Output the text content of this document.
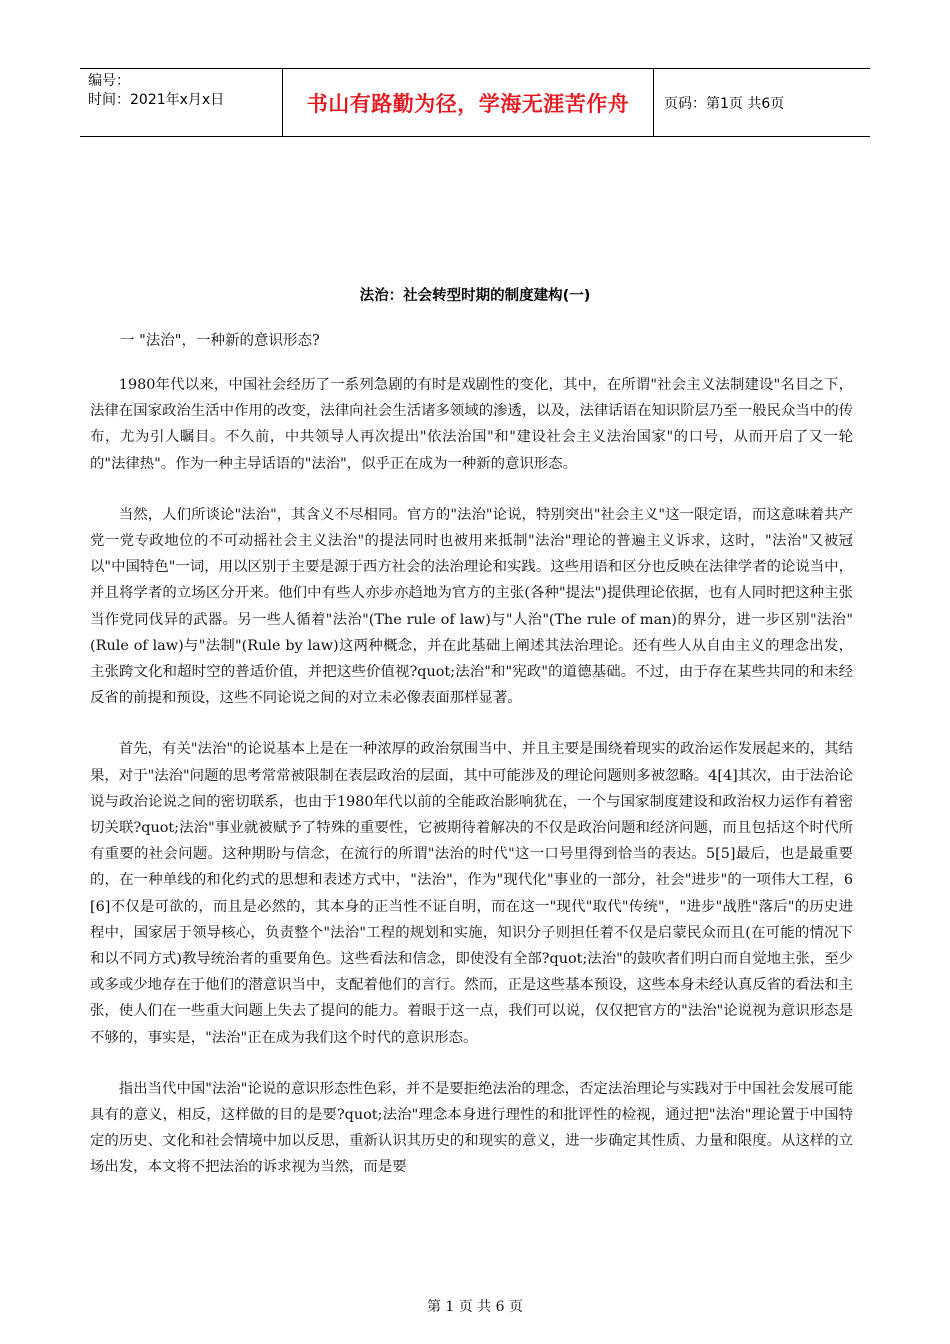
编号：
时间：2021年x月x日	书山有路勤为径，学海无涯苦作舟	页码：第1页 共6页
法治：社会转型时期的制度建构(一)
一 "法治"，一种新的意识形态?

1980年代以来，中国社会经历了一系列急剧的有时是戏剧性的变化，其中，在所谓"社会主义法制建设"名目之下，法律在国家政治生活中作用的改变，法律向社会生活诸多领域的渗透，以及，法律话语在知识阶层乃至一般民众当中的传布，尤为引人瞩目。不久前，中共领导人再次提出"依法治国"和"建设社会主义法治国家"的口号，从而开启了又一轮的"法律热"。作为一种主导话语的"法治"，似乎正在成为一种新的意识形态。

当然，人们所谈论"法治"，其含义不尽相同。官方的"法治"论说，特别突出"社会主义"这一限定语，而这意味着共产党一党专政地位的不可动摇社会主义法治"的提法同时也被用来抵制"法治"理论的普遍主义诉求，这时，"法治"又被冠以"中国特色"一词，用以区别于主要是源于西方社会的法治理论和实践。这些用语和区分也反映在法律学者的论说当中，并且将学者的立场区分开来。他们中有些人亦步亦趋地为官方的主张(各种"提法")提供理论依据，也有人同时把这种主张当作党同伐异的武器。另一些人循着"法治"(The rule of law)与"人治"(The rule of man)的界分，进一步区别"法治"(Rule of law)与"法制"(Rule by law)这两种概念，并在此基础上阐述其法治理论。还有些人从自由主义的理念出发，主张跨文化和超时空的普适价值，并把这些价值视?quot;法治"和"宪政"的道德基础。不过，由于存在某些共同的和未经反省的前提和预设，这些不同论说之间的对立未必像表面那样显著。

首先，有关"法治"的论说基本上是在一种浓厚的政治氛围当中、并且主要是围绕着现实的政治运作发展起来的，其结果，对于"法治"问题的思考常常被限制在表层政治的层面，其中可能涉及的理论问题则多被忽略。4[4]其次，由于法治论说与政治论说之间的密切联系，也由于1980年代以前的全能政治影响犹在，一个与国家制度建设和政治权力运作有着密切关联?quot;法治"事业就被赋予了特殊的重要性，它被期待着解决的不仅是政治问题和经济问题，而且包括这个时代所有重要的社会问题。这种期盼与信念，在流行的所谓"法治的时代"这一口号里得到恰当的表达。5[5]最后，也是最重要的，在一种单线的和化约式的思想和表述方式中，"法治"，作为"现代化"事业的一部分，社会"进步"的一项伟大工程，6[6]不仅是可欲的，而且是必然的，其本身的正当性不证自明，而在这一"现代"取代"传统"，"进步"战胜"落后"的历史进程中，国家居于领导核心，负责整个"法治"工程的规划和实施，知识分子则担任着不仅是启蒙民众而且(在可能的情况下和以不同方式)教导统治者的重要角色。这些看法和信念，即使没有全部?quot;法治"的鼓吹者们明白而自觉地主张，至少或多或少地存在于他们的潜意识当中，支配着他们的言行。然而，正是这些基本预设，这些本身未经认真反省的看法和主张，使人们在一些重大问题上失去了提问的能力。着眼于这一点，我们可以说，仅仅把官方的"法治"论说视为意识形态是不够的，事实是，"法治"正在成为我们这个时代的意识形态。

指出当代中国"法治"论说的意识形态性色彩，并不是要拒绝法治的理念，否定法治理论与实践对于中国社会发展可能具有的意义，相反，这样做的目的是要?quot;法治"理念本身进行理性的和批评性的检视，通过把"法治"理论置于中国特定的历史、文化和社会情境中加以反思，重新认识其历史的和现实的意义，进一步确定其性质、力量和限度。从这样的立场出发，本文将不把法治的诉求视为当然，而是要

第 1 页 共 6 页
